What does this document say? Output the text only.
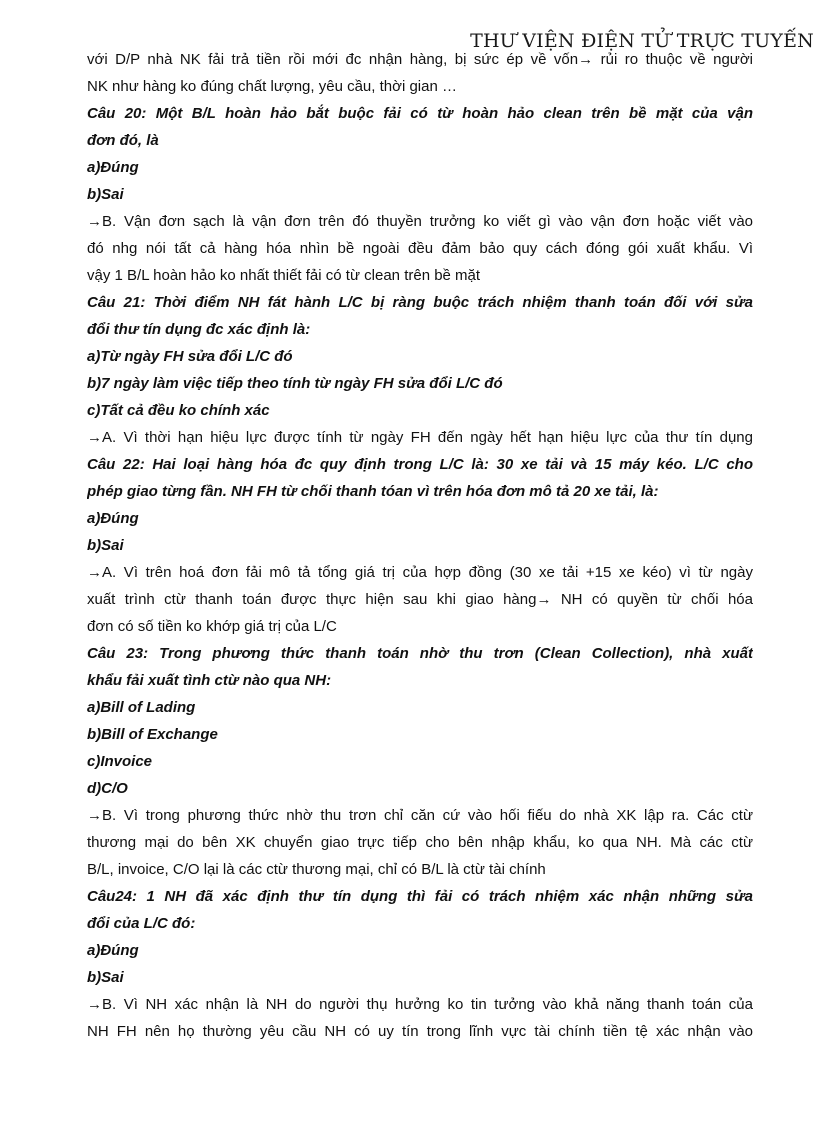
THƯ VIỆN ĐIỆN TỬ TRỰC TUYẾN

với D/P nhà NK fải trả tiền rồi mới đc nhận hàng, bị sức ép về vốn→ rủi ro thuộc về người

NK như hàng ko đúng chất lượng, yêu cầu, thời gian …

Câu 20: Một B/L hoàn hảo bắt buộc fải có từ hoàn hảo clean trên bề mặt của vận

đơn đó, là

a)Đúng

b)Sai

→B. Vận đơn sạch là vận đơn trên đó thuyền trưởng ko viết gì vào vận đơn hoặc viết vào

đó nhg nói tất cả hàng hóa nhìn bề ngoài đều đảm bảo quy cách đóng gói xuất khẩu. Vì

vậy 1 B/L hoàn hảo ko nhất thiết fải có từ clean trên bề mặt

Câu 21: Thời điểm NH fát hành L/C bị ràng buộc trách nhiệm thanh toán đối với sửa

đổi thư tín dụng đc xác định là:

a)Từ ngày FH sửa đổi L/C đó

b)7 ngày làm việc tiếp theo tính từ ngày FH sửa đổi L/C đó

c)Tất cả đều ko chính xác

→A. Vì thời hạn hiệu lực được tính từ ngày FH đến ngày hết hạn hiệu lực của thư tín dụng

Câu 22: Hai loại hàng hóa đc quy định trong L/C là: 30 xe tải và 15 máy kéo. L/C cho

phép giao từng fần. NH FH từ chối thanh tóan vì trên hóa đơn mô tả 20 xe tải, là:

a)Đúng

b)Sai

→A. Vì trên hoá đơn fải mô tả tổng giá trị của hợp đồng (30 xe tải +15 xe kéo) vì từ ngày

xuất trình ctừ thanh toán được thực hiện sau khi giao hàng→ NH có quyền từ chối hóa

đơn có số tiền ko khớp giá trị của L/C

Câu 23: Trong phương thức thanh toán nhờ thu trơn (Clean Collection), nhà xuất

khẩu fải xuất tình ctừ nào qua NH:

a)Bill of Lading

b)Bill of Exchange

c)Invoice

d)C/O

→B. Vì trong phương thức nhờ thu trơn chỉ căn cứ vào hối fiếu do nhà XK lập ra. Các ctừ

thương mại do bên XK chuyển giao trực tiếp cho bên nhập khẩu, ko qua NH. Mà các ctừ

B/L, invoice, C/O lại là các ctừ thương mại, chỉ có B/L là ctừ tài chính

Câu24: 1 NH đã xác định thư tín dụng thì fải có trách nhiệm xác nhận những sửa

đổi của L/C đó:

a)Đúng

b)Sai

→B. Vì NH xác nhận là NH do người thụ hưởng ko tin tưởng vào khả năng thanh toán của

NH FH nên họ thường yêu cầu NH có uy tín trong lĩnh vực tài chính tiền tệ xác nhận vào
